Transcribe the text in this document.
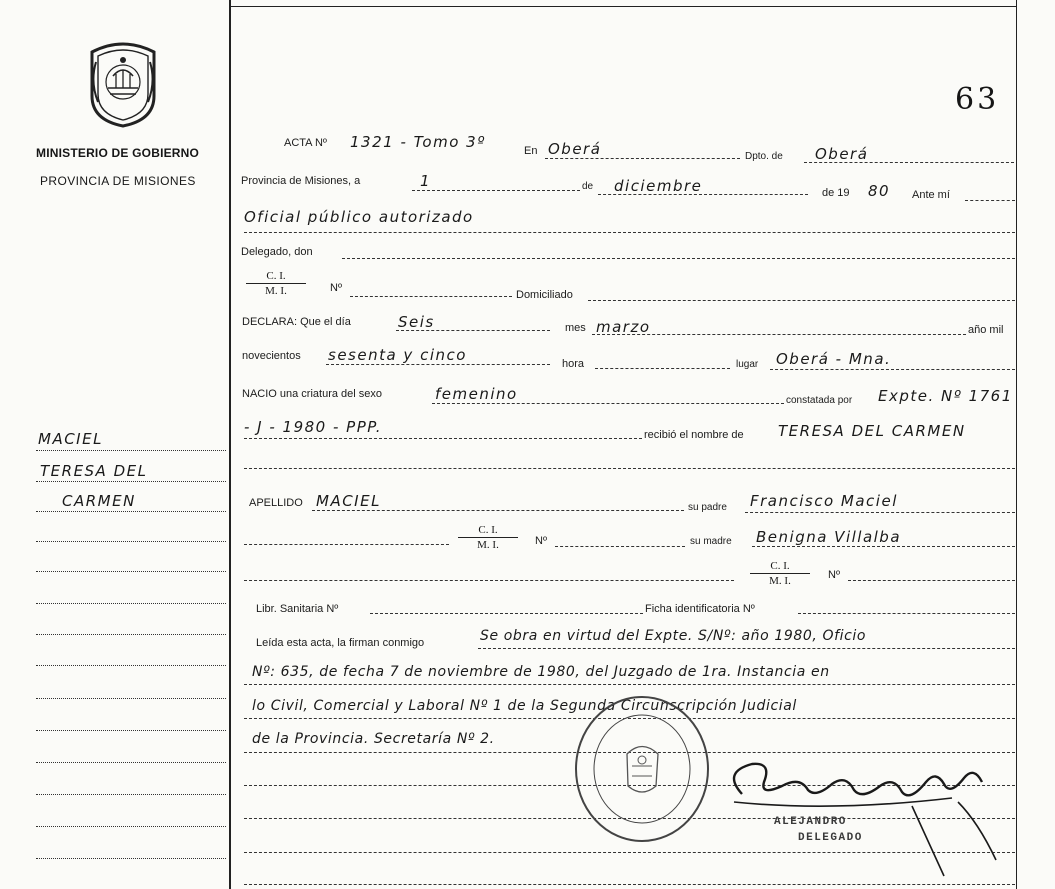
MINISTERIO DE GOBIERNO
PROVINCIA DE MISIONES
MACIEL
TERESA DEL
CARMEN
63
ACTA Nº 1321 - Tomo 3º	En Oberá	Dpto. de Oberá
Provincia de Misiones, a	1	de diciembre	de 19 80 Ante mí
Oficial público autorizado
Delegado, don
$\frac{C. I.}{M. I.}$ Nº
Domiciliado
DECLARA: Que el día	Seis	mes marzo	año mil
novecientos sesenta y cinco	hora	lugar Oberá - Mna.
NACIO una criatura del sexo	femenino	constatada por Expte. Nº 1761
- J - 1980 - PPP.	recibió el nombre de TERESA DEL CARMEN
APELLIDO MACIEL	su padre Francisco Maciel
$\frac{C. I.}{M. I.}$ Nº	su madre Benigna Villalba
$\frac{C. I.}{M. I.}$ Nº
Libr. Sanitaria Nº	Ficha identificatoria Nº
Leída esta acta, la firman conmigo	Se obra en virtud del Expte. S/Nº: año 1980, Oficio
Nº: 635, de fecha 7 de noviembre de 1980, del Juzgado de 1ra. Instancia en
lo Civil, Comercial y Laboral Nº 1 de la Segunda Circunscripción Judicial
de la Provincia. Secretaría Nº 2.
ALEJANDRO
DELEGADO
